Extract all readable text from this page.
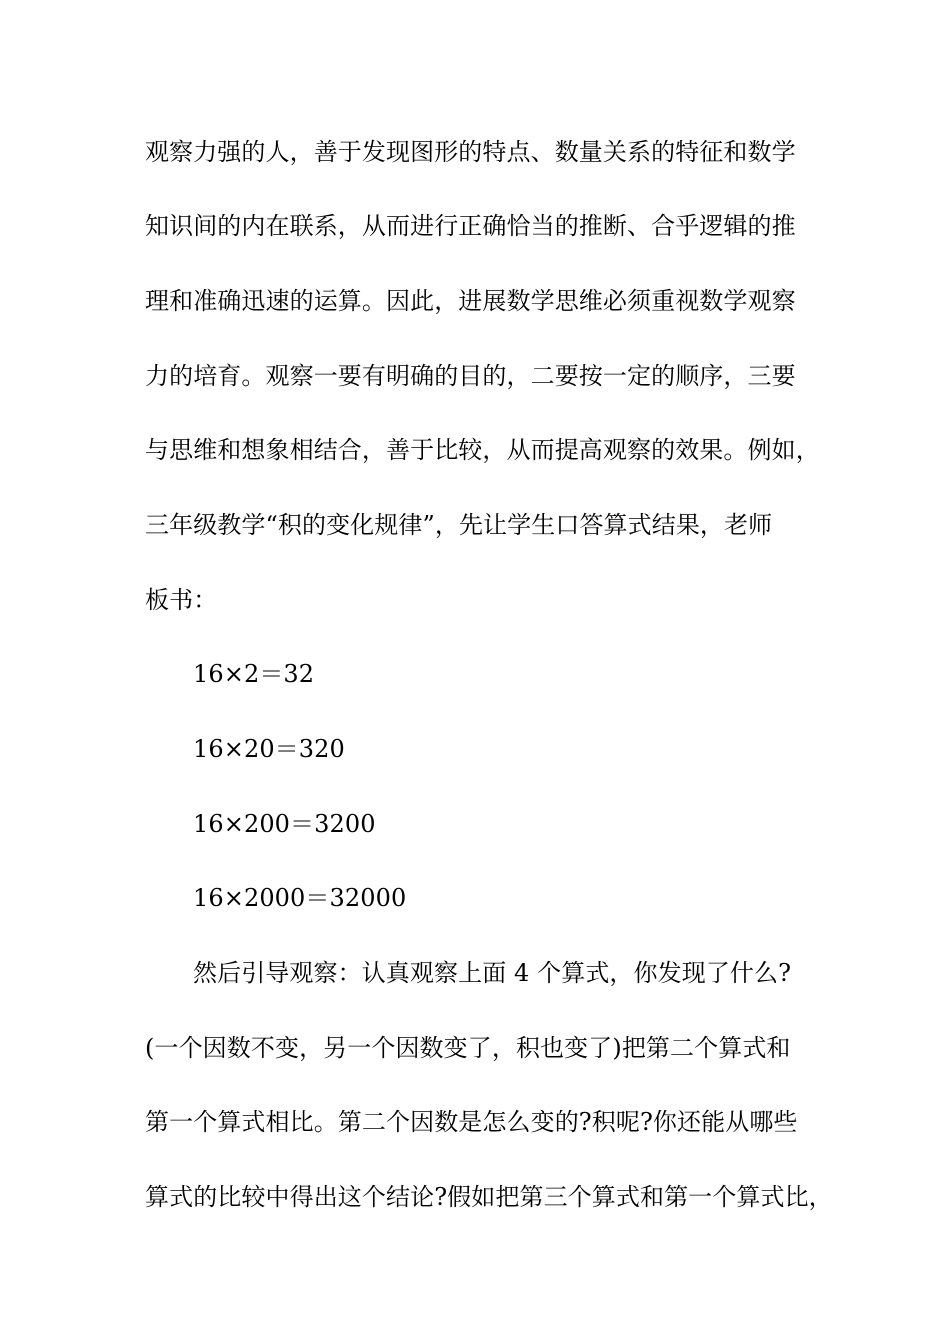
观察力强的人，善于发现图形的特点、数量关系的特征和数学
知识间的内在联系，从而进行正确恰当的推断、合乎逻辑的推
理和准确迅速的运算。因此，进展数学思维必须重视数学观察
力的培育。观察一要有明确的目的，二要按一定的顺序，三要
与思维和想象相结合，善于比较，从而提高观察的效果。例如，
三年级教学“积的变化规律”，先让学生口答算式结果，老师
板书：
16×2＝32
16×20＝320
16×200＝3200
16×2000＝32000
然后引导观察：认真观察上面 4 个算式，你发现了什么?
(一个因数不变，另一个因数变了，积也变了)把第二个算式和
第一个算式相比。第二个因数是怎么变的?积呢?你还能从哪些
算式的比较中得出这个结论?假如把第三个算式和第一个算式比，
